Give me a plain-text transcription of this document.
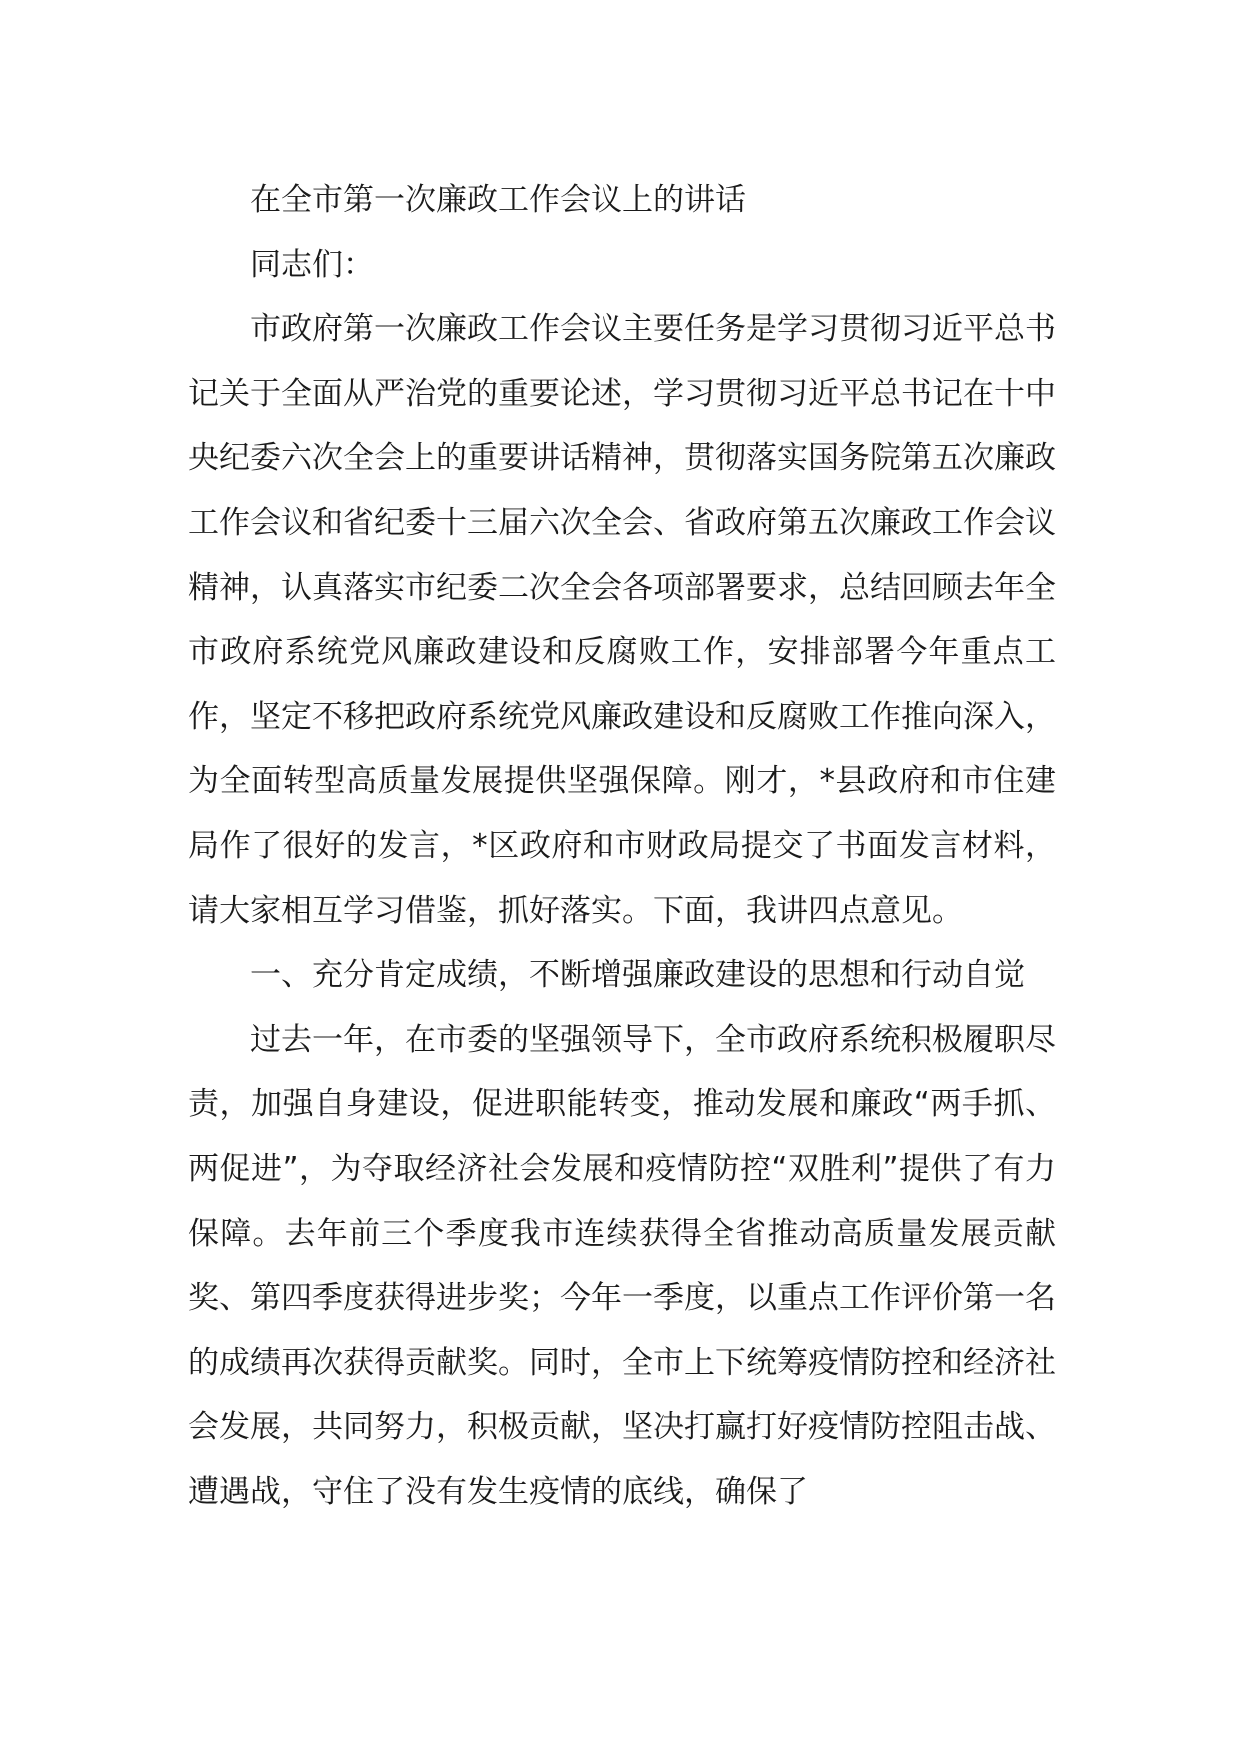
在全市第一次廉政工作会议上的讲话

同志们：

市政府第一次廉政工作会议主要任务是学习贯彻习近平总书记关于全面从严治党的重要论述，学习贯彻习近平总书记在十中央纪委六次全会上的重要讲话精神，贯彻落实国务院第五次廉政工作会议和省纪委十三届六次全会、省政府第五次廉政工作会议精神，认真落实市纪委二次全会各项部署要求，总结回顾去年全市政府系统党风廉政建设和反腐败工作，安排部署今年重点工作，坚定不移把政府系统党风廉政建设和反腐败工作推向深入，为全面转型高质量发展提供坚强保障。刚才，*县政府和市住建局作了很好的发言，*区政府和市财政局提交了书面发言材料，请大家相互学习借鉴，抓好落实。下面，我讲四点意见。

一、充分肯定成绩，不断增强廉政建设的思想和行动自觉

过去一年，在市委的坚强领导下，全市政府系统积极履职尽责，加强自身建设，促进职能转变，推动发展和廉政“两手抓、两促进”，为夺取经济社会发展和疫情防控“双胜利”提供了有力保障。去年前三个季度我市连续获得全省推动高质量发展贡献奖、第四季度获得进步奖；今年一季度，以重点工作评价第一名的成绩再次获得贡献奖。同时，全市上下统筹疫情防控和经济社会发展，共同努力，积极贡献，坚决打赢打好疫情防控阻击战、遭遇战，守住了没有发生疫情的底线，确保了
